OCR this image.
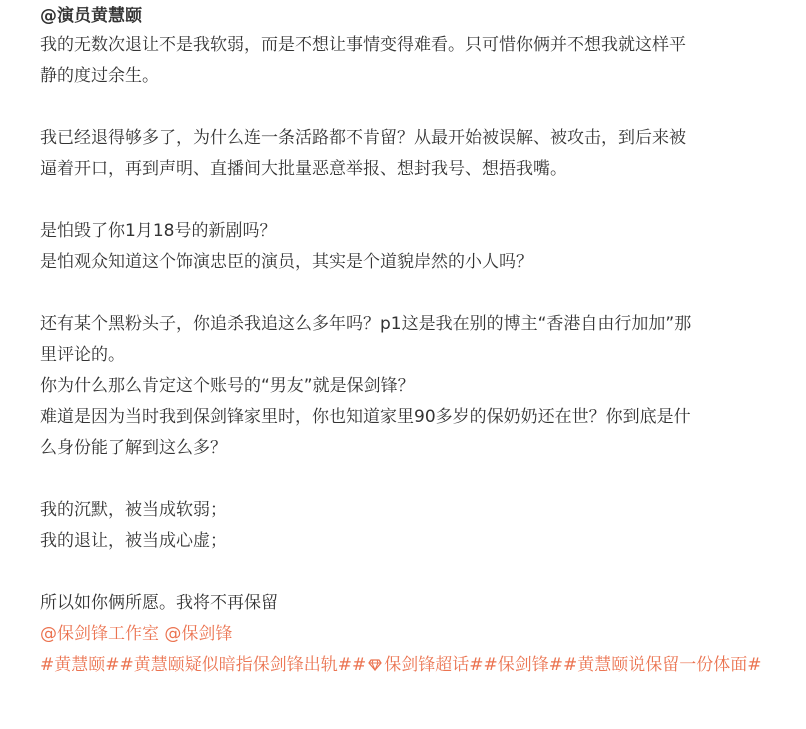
@演员黄慧颐
我的无数次退让不是我软弱，而是不想让事情变得难看。只可惜你俩并不想我就这样平
静的度过余生。
我已经退得够多了，为什么连一条活路都不肯留？从最开始被误解、被攻击，到后来被
逼着开口，再到声明、直播间大批量恶意举报、想封我号、想捂我嘴。
是怕毁了你1月18号的新剧吗？
是怕观众知道这个饰演忠臣的演员，其实是个道貌岸然的小人吗？
还有某个黑粉头子，你追杀我追这么多年吗？p1这是我在别的博主“香港自由行加加”那
里评论的。
你为什么那么肯定这个账号的“男友”就是保剑锋？
难道是因为当时我到保剑锋家里时，你也知道家里90多岁的保奶奶还在世？你到底是什
么身份能了解到这么多？
我的沉默，被当成软弱；
我的退让，被当成心虚；
所以如你俩所愿。我将不再保留
@保剑锋工作室 @保剑锋
#黄慧颐##黄慧颐疑似暗指保剑锋出轨## 保剑锋超话##保剑锋##黄慧颐说保留一份体面#
